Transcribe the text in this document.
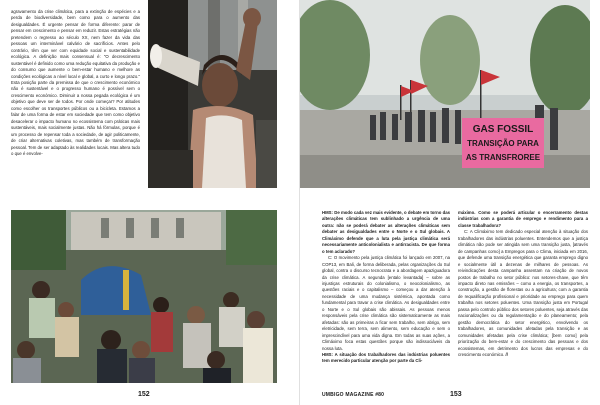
agravamento da crise climática, para a extinção de espécies e a perda de biodiversidade, bem como para o aumento das desigualdades. É urgente pensar de forma diferente: parar de pensar em crescimento e pensar em reduzir. Estas estratégias não pretendem o regresso ao século XX, nem fazer da vida das pessoas um interminável calvário de sacrifícios. Antes pelo contrário, têm que ver com equidade social e sustentabilidade ecológica. A definição mais consensual é: "O decrescimento sustentável é definido como uma redução equitativa da produção e do consumo que aumente o bem-estar humano e melhore as condições ecológicas a nível local e global, a curto e longo prazo." Esta posição parte da premissa de que o crescimento económico não é sustentável e o progresso humano é possível sem o crescimento económico. Diminuir a nossa pegada ecológica é um objetivo que deve ser de todos. Por onde começar? Por atitudes como escolher os transportes públicos ou a bicicleta. Estamos a falar de uma forma de estar em sociedade que tem como objetivo desacelerar o impacto humano no ecossistema com práticas mais sustentáveis, mais socialmente justas. Não há fórmulas, porque é um processo de repensar toda a sociedade, de agir politicamente, de criar alternativas coletivas, mas também de transformação pessoal. Tem de ser adaptado às realidades locais. Mas altera tudo o que é envolve-

152
GAS FOSSIL
TRANSIÇÃO PARA
AS TRANSFROREE

HMS: De modo cada vez mais evidente, o debate em torno das alterações climáticas tem sublinhado a urgência de uma outra: não se poderá debater as alterações climáticas sem debater as desigualdades entre o Norte e o Sul globais. A Climáximo defende que a luta pela justiça climática será necessariamente anticolonialista e antirracista. De que forma o tem aclarado?

C: O movimento pela justiça climática foi lançado em 2007, na COP13, em Bali, de forma deliberada, pelas organizações do Sul global, contra o discurso tecnocrata e a abordagem apaziguadora da crise climática. A segunda [entalo levantada] – sobre as injustiças estruturais do colonialismo, o neocolonialismo, as questões raciais e o capitalismo – começou a dar atenção à necessidade de uma mudança sistémica, apontada como fundamental para travar a crise climática. As desigualdades entre o Norte e o Sul globais são abissais. As pessoas menos responsáveis pela crise climática são sistematicamente as mais afetadas: são as primeiras a ficar sem trabalho, sem abrigo, sem eletricidade, sem terra, sem alimento, sem educação e sem o imprescindível para uma vida digna. Em todas as suas ações, a Climáximo foca estas questões porque são indissociáveis da nossa luta.

HMS: A situação dos trabalhadores das indústrias poluentes tem merecido particular atenção por parte da Cli-

máximo. Como se poderá articular o encerramento destas indústrias com a garantia de emprego e rendimento para a classe trabalhadora?

C: A Climáximo tem dedicado especial atenção à situação dos trabalhadores das indústrias poluentes. Entendemos que a justiça climática não pode ser atingida sem uma transição justa, [através de campanhas como] a Empregos para o Clima, iniciada em 2016, que defende uma transição energética que garanta emprego digno e socialmente útil a dezenas de milhares de pessoas. As reivindicações desta campanha assentam na criação de novos postos de trabalho no setor público: nos setores-chave, que têm impacto direto nas emissões – como a energia, os transportes, a construção, a gestão de florestas ou a agricultura; com a garantia de requalificação profissional e prioridade ao emprego para quem trabalha nos setores poluentes. Uma transição justa em Portugal passa pelo controlo público dos setores poluentes, seja através das nacionalizações ou da regulamentação e do planeamento; pela gestão democrática do setor energético, envolvendo os trabalhadores, as comunidades afetadas pela transição e as comunidades afetadas pela crise climática; [bem como] pela priorização do bem-estar e do crescimento das pessoas e dos ecossistemas, em detrimento dos lucros das empresas e do crescimento económico. //

UMBIGO MAGAZINE #80	153
